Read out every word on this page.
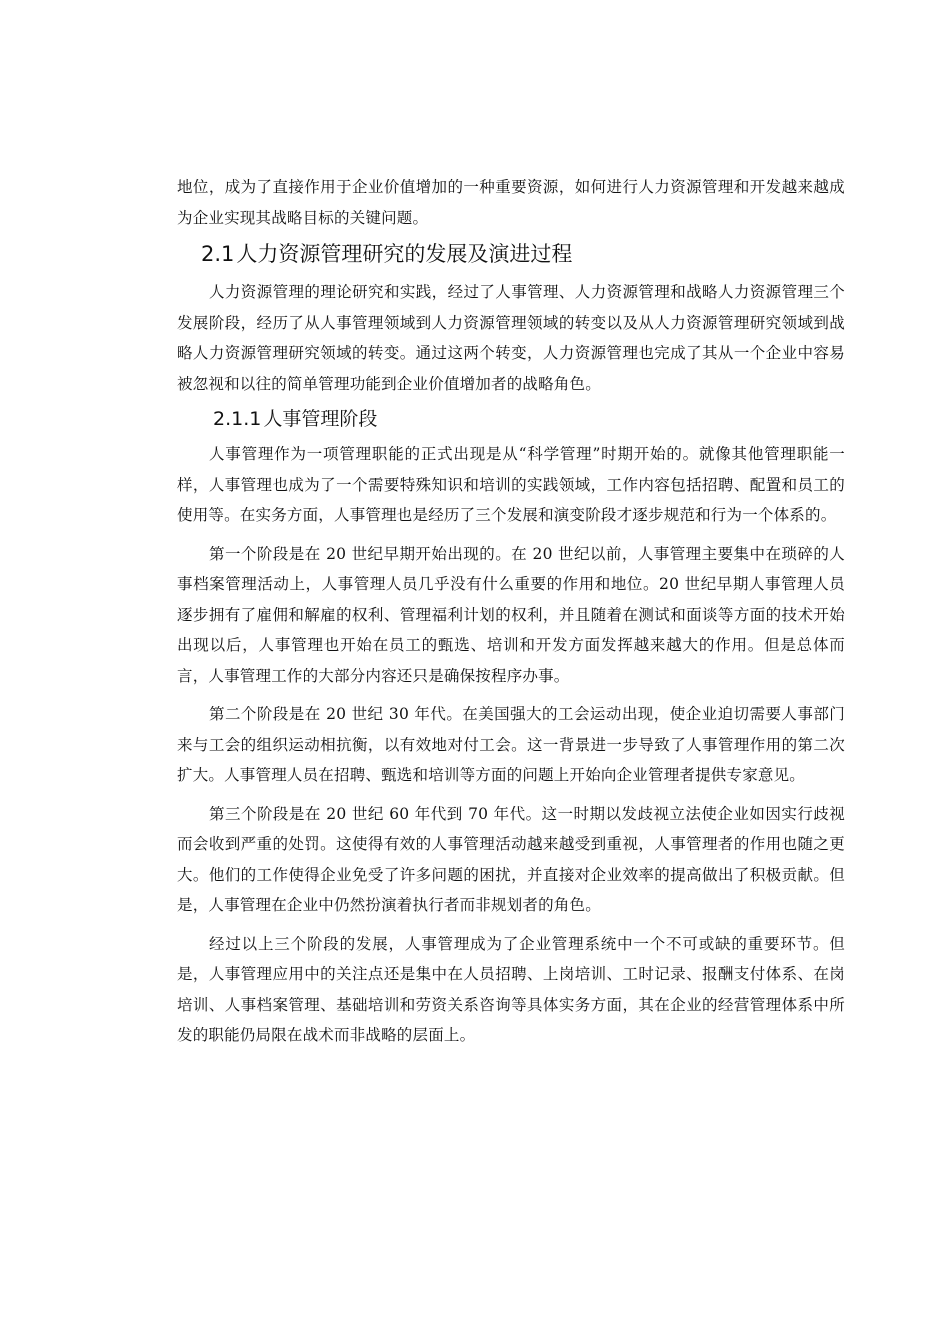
地位，成为了直接作用于企业价值增加的一种重要资源，如何进行人力资源管理和开发越来越成为企业实现其战略目标的关键问题。

2.1人力资源管理研究的发展及演进过程

人力资源管理的理论研究和实践，经过了人事管理、人力资源管理和战略人力资源管理三个发展阶段，经历了从人事管理领域到人力资源管理领域的转变以及从人力资源管理研究领域到战略人力资源管理研究领域的转变。通过这两个转变，人力资源管理也完成了其从一个企业中容易被忽视和以往的简单管理功能到企业价值增加者的战略角色。

2.1.1 人事管理阶段

人事管理作为一项管理职能的正式出现是从“科学管理”时期开始的。就像其他管理职能一样，人事管理也成为了一个需要特殊知识和培训的实践领域，工作内容包括招聘、配置和员工的使用等。在实务方面，人事管理也是经历了三个发展和演变阶段才逐步规范和行为一个体系的。

第一个阶段是在 20 世纪早期开始出现的。在 20 世纪以前，人事管理主要集中在琐碎的人事档案管理活动上，人事管理人员几乎没有什么重要的作用和地位。20 世纪早期人事管理人员逐步拥有了雇佣和解雇的权利、管理福利计划的权利，并且随着在测试和面谈等方面的技术开始出现以后，人事管理也开始在员工的甄选、培训和开发方面发挥越来越大的作用。但是总体而言，人事管理工作的大部分内容还只是确保按程序办事。

第二个阶段是在 20 世纪 30 年代。在美国强大的工会运动出现，使企业迫切需要人事部门来与工会的组织运动相抗衡，以有效地对付工会。这一背景进一步导致了人事管理作用的第二次扩大。人事管理人员在招聘、甄选和培训等方面的问题上开始向企业管理者提供专家意见。

第三个阶段是在 20 世纪 60 年代到 70 年代。这一时期以发歧视立法使企业如因实行歧视而会收到严重的处罚。这使得有效的人事管理活动越来越受到重视，人事管理者的作用也随之更大。他们的工作使得企业免受了许多问题的困扰，并直接对企业效率的提高做出了积极贡献。但是，人事管理在企业中仍然扮演着执行者而非规划者的角色。

经过以上三个阶段的发展，人事管理成为了企业管理系统中一个不可或缺的重要环节。但是，人事管理应用中的关注点还是集中在人员招聘、上岗培训、工时记录、报酬支付体系、在岗培训、人事档案管理、基础培训和劳资关系咨询等具体实务方面，其在企业的经营管理体系中所发的职能仍局限在战术而非战略的层面上。
